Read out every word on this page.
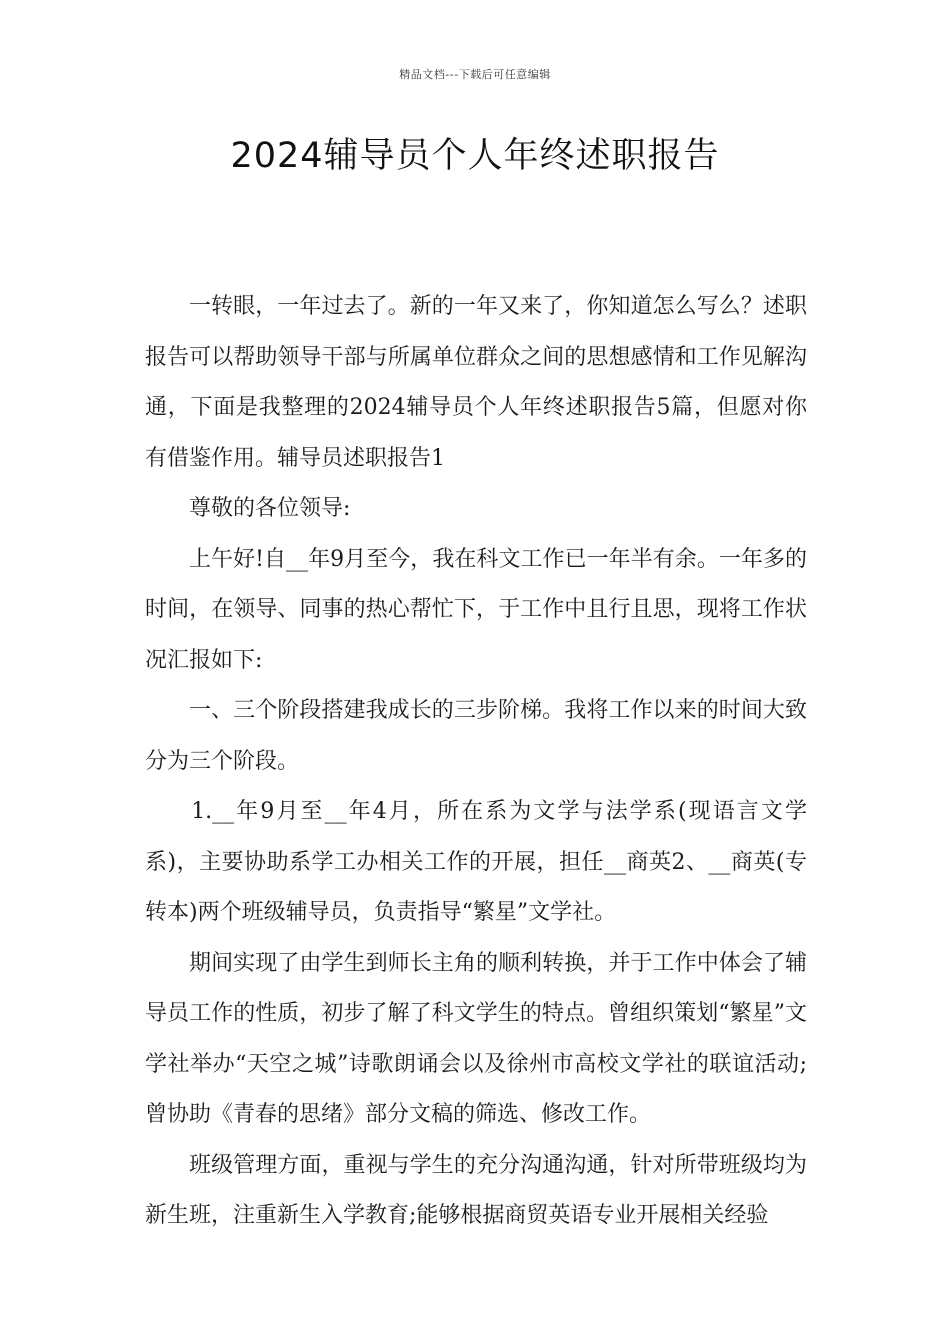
精品文档---下载后可任意编辑
2024辅导员个人年终述职报告

一转眼，一年过去了。新的一年又来了，你知道怎么写么？述职报告可以帮助领导干部与所属单位群众之间的思想感情和工作见解沟通，下面是我整理的2024辅导员个人年终述职报告5篇，但愿对你有借鉴作用。辅导员述职报告1

尊敬的各位领导:

上午好!自__年9月至今，我在科文工作已一年半有余。一年多的时间，在领导、同事的热心帮忙下，于工作中且行且思，现将工作状况汇报如下:

一、三个阶段搭建我成长的三步阶梯。我将工作以来的时间大致分为三个阶段。

1.__年9月至__年4月，所在系为文学与法学系(现语言文学系)，主要协助系学工办相关工作的开展，担任__商英2、__商英(专转本)两个班级辅导员，负责指导“繁星”文学社。

期间实现了由学生到师长主角的顺利转换，并于工作中体会了辅导员工作的性质，初步了解了科文学生的特点。曾组织策划“繁星”文学社举办“天空之城”诗歌朗诵会以及徐州市高校文学社的联谊活动;曾协助《青春的思绪》部分文稿的筛选、修改工作。

班级管理方面，重视与学生的充分沟通沟通，针对所带班级均为新生班，注重新生入学教育;能够根据商贸英语专业开展相关经验
